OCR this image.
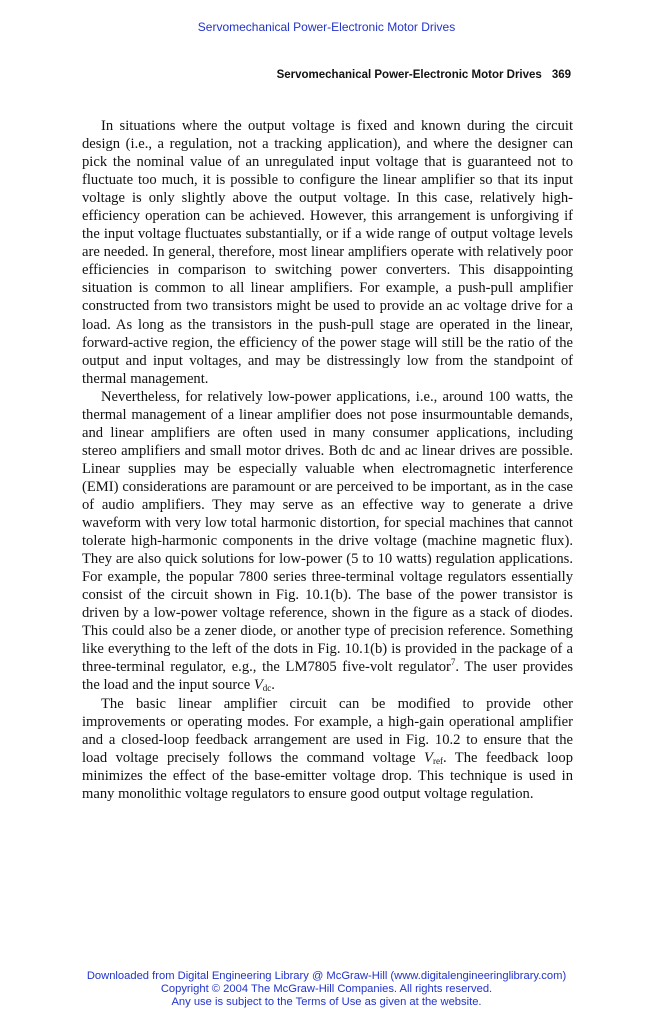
Servomechanical Power-Electronic Motor Drives
Servomechanical Power-Electronic Motor Drives 369

In situations where the output voltage is fixed and known during the circuit design (i.e., a regulation, not a tracking application), and where the designer can pick the nominal value of an unregulated input voltage that is guaranteed not to fluctuate too much, it is possible to configure the linear amplifier so that its input voltage is only slightly above the output voltage. In this case, relatively high-efficiency operation can be achieved. However, this arrangement is unforgiving if the input voltage fluctuates substantially, or if a wide range of output voltage levels are needed. In general, therefore, most linear amplifiers operate with relatively poor efficiencies in comparison to switching power converters. This disappointing situation is common to all linear amplifiers. For example, a push-pull amplifier constructed from two transistors might be used to provide an ac voltage drive for a load. As long as the transistors in the push-pull stage are operated in the linear, forward-active region, the efficiency of the power stage will still be the ratio of the output and input voltages, and may be distressingly low from the standpoint of thermal management.

Nevertheless, for relatively low-power applications, i.e., around 100 watts, the thermal management of a linear amplifier does not pose insurmountable demands, and linear amplifiers are often used in many consumer applications, including stereo amplifiers and small motor drives. Both dc and ac linear drives are possible. Linear supplies may be especially valuable when electromagnetic interference (EMI) considerations are paramount or are perceived to be important, as in the case of audio amplifiers. They may serve as an effective way to generate a drive waveform with very low total harmonic distortion, for special machines that cannot tolerate high-harmonic components in the drive voltage (machine magnetic flux). They are also quick solutions for low-power (5 to 10 watts) regulation applications. For example, the popular 7800 series three-terminal voltage regulators essentially consist of the circuit shown in Fig. 10.1(b). The base of the power transistor is driven by a low-power voltage reference, shown in the figure as a stack of diodes. This could also be a zener diode, or another type of precision reference. Something like everything to the left of the dots in Fig. 10.1(b) is provided in the package of a three-terminal regulator, e.g., the LM7805 five-volt regulator$^7$. The user provides the load and the input source $V_{dc}$.

The basic linear amplifier circuit can be modified to provide other improvements or operating modes. For example, a high-gain operational amplifier and a closed-loop feedback arrangement are used in Fig. 10.2 to ensure that the load voltage precisely follows the command voltage $V_{ref}$. The feedback loop minimizes the effect of the base-emitter voltage drop. This technique is used in many monolithic voltage regulators to ensure good output voltage regulation.

Downloaded from Digital Engineering Library @ McGraw-Hill (www.digitalengineeringlibrary.com)
Copyright © 2004 The McGraw-Hill Companies. All rights reserved.
Any use is subject to the Terms of Use as given at the website.
